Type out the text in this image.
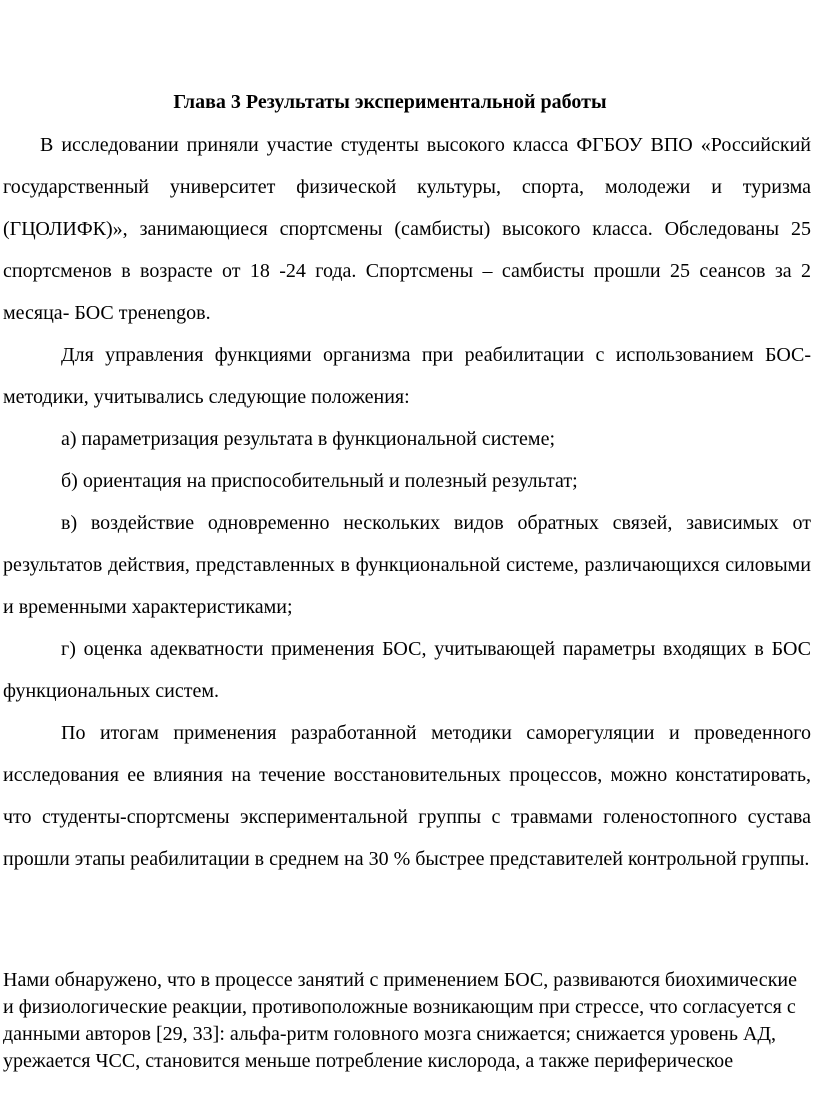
Глава 3 Результаты экспериментальной работы

В исследовании приняли участие студенты высокого класса ФГБОУ ВПО «Российский государственный университет физической культуры, спорта, молодежи и туризма (ГЦОЛИФК)», занимающиеся спортсмены (самбисты) высокого класса. Обследованы 25 спортсменов в возрасте от 18 -24 года. Спортсмены – самбисты прошли 25 сеансов за 2 месяца- БОС тренengов.

Для управления функциями организма при реабилитации с использованием БОС-методики, учитывались следующие положения:

а) параметризация результата в функциональной системе;

б) ориентация на приспособительный и полезный результат;

в) воздействие одновременно нескольких видов обратных связей, зависимых от результатов действия, представленных в функциональной системе, различающихся силовыми и временными характеристиками;

г) оценка адекватности применения БОС, учитывающей параметры входящих в БОС функциональных систем.

По итогам применения разработанной методики саморегуляции и проведенного исследования ее влияния на течение восстановительных процессов, можно констатировать, что студенты-спортсмены экспериментальной группы с травмами голеностопного сустава прошли этапы реабилитации в среднем на 30 % быстрее представителей контрольной группы.

Нами обнаружено, что в процессе занятий с применением БОС, развиваются биохимические и физиологические реакции, противоположные возникающим при стрессе, что согласуется с данными авторов [29, 33]: альфа-ритм головного мозга снижается; снижается уровень АД, урежается ЧСС, становится меньше потребление кислорода, а также периферическое
